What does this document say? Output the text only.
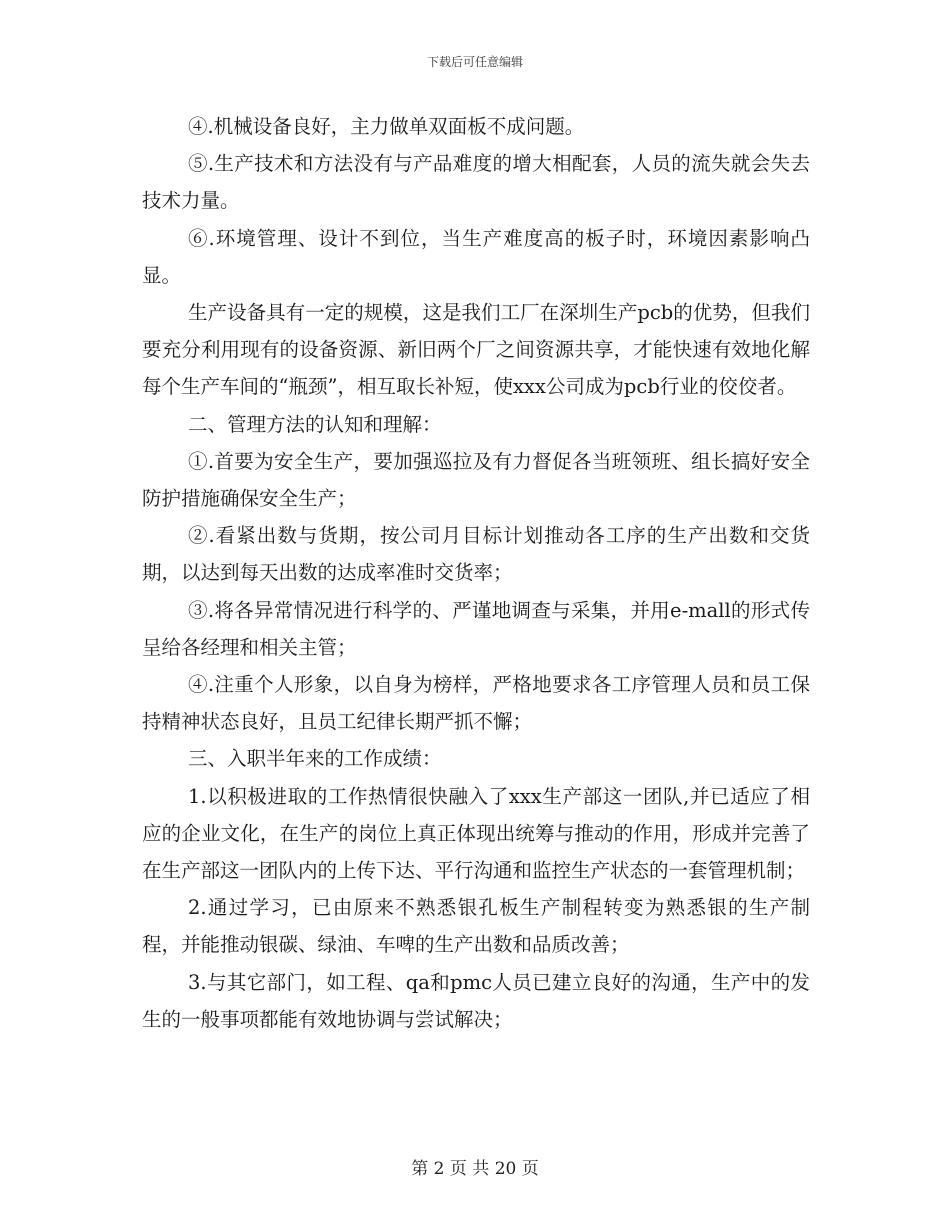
下载后可任意编辑

④.机械设备良好，主力做单双面板不成问题。

⑤.生产技术和方法没有与产品难度的增大相配套，人员的流失就会失去技术力量。

⑥.环境管理、设计不到位，当生产难度高的板子时，环境因素影响凸显。

生产设备具有一定的规模，这是我们工厂在深圳生产pcb的优势，但我们要充分利用现有的设备资源、新旧两个厂之间资源共享，才能快速有效地化解每个生产车间的“瓶颈”，相互取长补短，使xxx公司成为pcb行业的佼佼者。

二、管理方法的认知和理解：

①.首要为安全生产，要加强巡拉及有力督促各当班领班、组长搞好安全防护措施确保安全生产；

②.看紧出数与货期，按公司月目标计划推动各工序的生产出数和交货期，以达到每天出数的达成率准时交货率；

③.将各异常情况进行科学的、严谨地调查与采集，并用e-mall的形式传呈给各经理和相关主管；

④.注重个人形象，以自身为榜样，严格地要求各工序管理人员和员工保持精神状态良好，且员工纪律长期严抓不懈；

三、入职半年来的工作成绩：

1.以积极进取的工作热情很快融入了xxx生产部这一团队,并已适应了相应的企业文化，在生产的岗位上真正体现出统筹与推动的作用，形成并完善了在生产部这一团队内的上传下达、平行沟通和监控生产状态的一套管理机制；

2.通过学习，已由原来不熟悉银孔板生产制程转变为熟悉银的生产制程，并能推动银碳、绿油、车啤的生产出数和品质改善；

3.与其它部门，如工程、qa和pmc人员已建立良好的沟通，生产中的发生的一般事项都能有效地协调与尝试解决；

第 2 页 共 20 页
